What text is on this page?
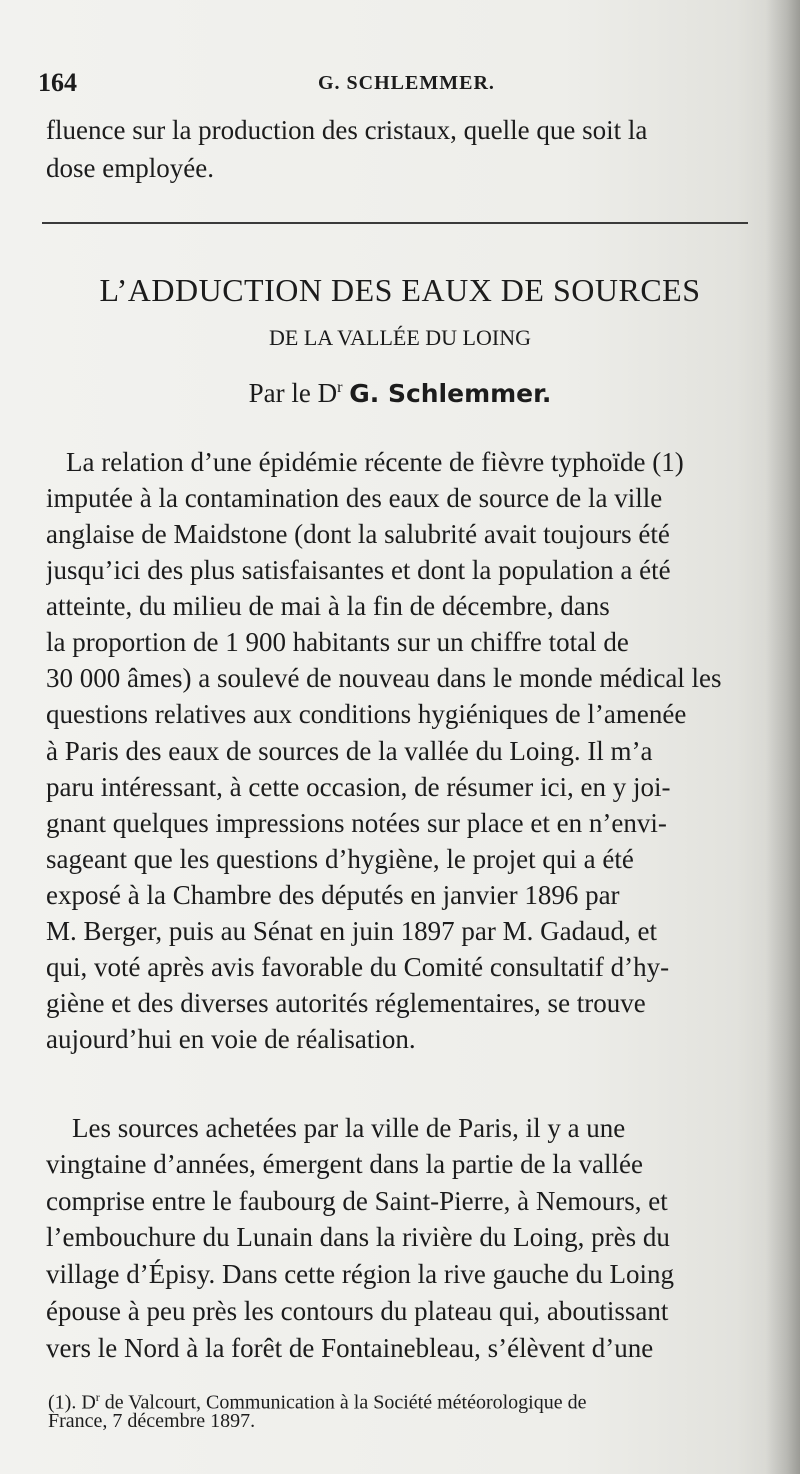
164	G. SCHLEMMER.
fluence sur la production des cristaux, quelle que soit la
dose employée.
L’ADDUCTION DES EAUX DE SOURCES
DE LA VALLÉE DU LOING
Par le $D^r$ G. Schlemmer.
La relation d’une épidémie récente de fièvre typhoïde (1)
imputée à la contamination des eaux de source de la ville
anglaise de Maidstone (dont la salubrité avait toujours été
jusqu’ici des plus satisfaisantes et dont la population a été
atteinte, du milieu de mai à la fin de décembre, dans
la proportion de 1 900 habitants sur un chiffre total de
30 000 âmes) a soulevé de nouveau dans le monde médical les
questions relatives aux conditions hygiéniques de l’amenée
à Paris des eaux de sources de la vallée du Loing. Il m’a
paru intéressant, à cette occasion, de résumer ici, en y joi-
gnant quelques impressions notées sur place et en n’envi-
sageant que les questions d’hygiène, le projet qui a été
exposé à la Chambre des députés en janvier 1896 par
M. Berger, puis au Sénat en juin 1897 par M. Gadaud, et
qui, voté après avis favorable du Comité consultatif d’hy-
giène et des diverses autorités réglementaires, se trouve
aujourd’hui en voie de réalisation.
Les sources achetées par la ville de Paris, il y a une
vingtaine d’années, émergent dans la partie de la vallée
comprise entre le faubourg de Saint-Pierre, à Nemours, et
l’embouchure du Lunain dans la rivière du Loing, près du
village d’Épisy. Dans cette région la rive gauche du Loing
épouse à peu près les contours du plateau qui, aboutissant
vers le Nord à la forêt de Fontainebleau, s’élèvent d’une
(1). $D^r$ de Valcourt, Communication à la Société météorologique de
France, 7 décembre 1897.
